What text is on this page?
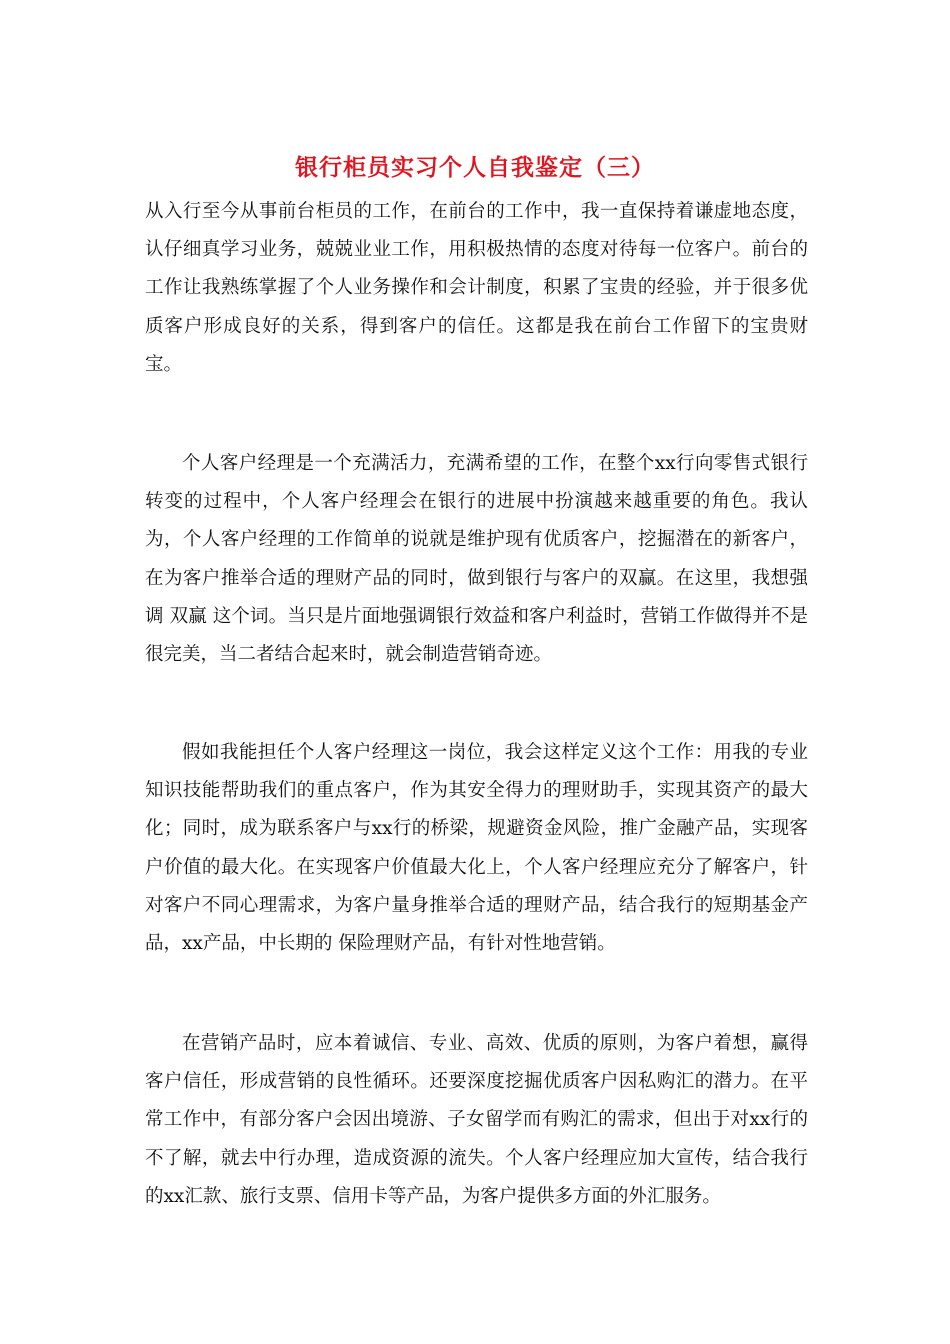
银行柜员实习个人自我鉴定（三）

从入行至今从事前台柜员的工作，在前台的工作中，我一直保持着谦虚地态度，认仔细真学习业务，兢兢业业工作，用积极热情的态度对待每一位客户。前台的工作让我熟练掌握了个人业务操作和会计制度，积累了宝贵的经验，并于很多优质客户形成良好的关系，得到客户的信任。这都是我在前台工作留下的宝贵财宝。

个人客户经理是一个充满活力，充满希望的工作，在整个xx行向零售式银行转变的过程中，个人客户经理会在银行的进展中扮演越来越重要的角色。我认为，个人客户经理的工作简单的说就是维护现有优质客户，挖掘潜在的新客户，在为客户推举合适的理财产品的同时，做到银行与客户的双赢。在这里，我想强调 双赢 这个词。当只是片面地强调银行效益和客户利益时，营销工作做得并不是很完美，当二者结合起来时，就会制造营销奇迹。

假如我能担任个人客户经理这一岗位，我会这样定义这个工作：用我的专业知识技能帮助我们的重点客户，作为其安全得力的理财助手，实现其资产的最大化；同时，成为联系客户与xx行的桥梁，规避资金风险，推广金融产品，实现客户价值的最大化。在实现客户价值最大化上，个人客户经理应充分了解客户，针对客户不同心理需求，为客户量身推举合适的理财产品，结合我行的短期基金产品，xx产品，中长期的 保险理财产品，有针对性地营销。

在营销产品时，应本着诚信、专业、高效、优质的原则，为客户着想，赢得客户信任，形成营销的良性循环。还要深度挖掘优质客户因私购汇的潜力。在平常工作中，有部分客户会因出境游、子女留学而有购汇的需求，但出于对xx行的不了解，就去中行办理，造成资源的流失。个人客户经理应加大宣传，结合我行的xx汇款、旅行支票、信用卡等产品，为客户提供多方面的外汇服务。
